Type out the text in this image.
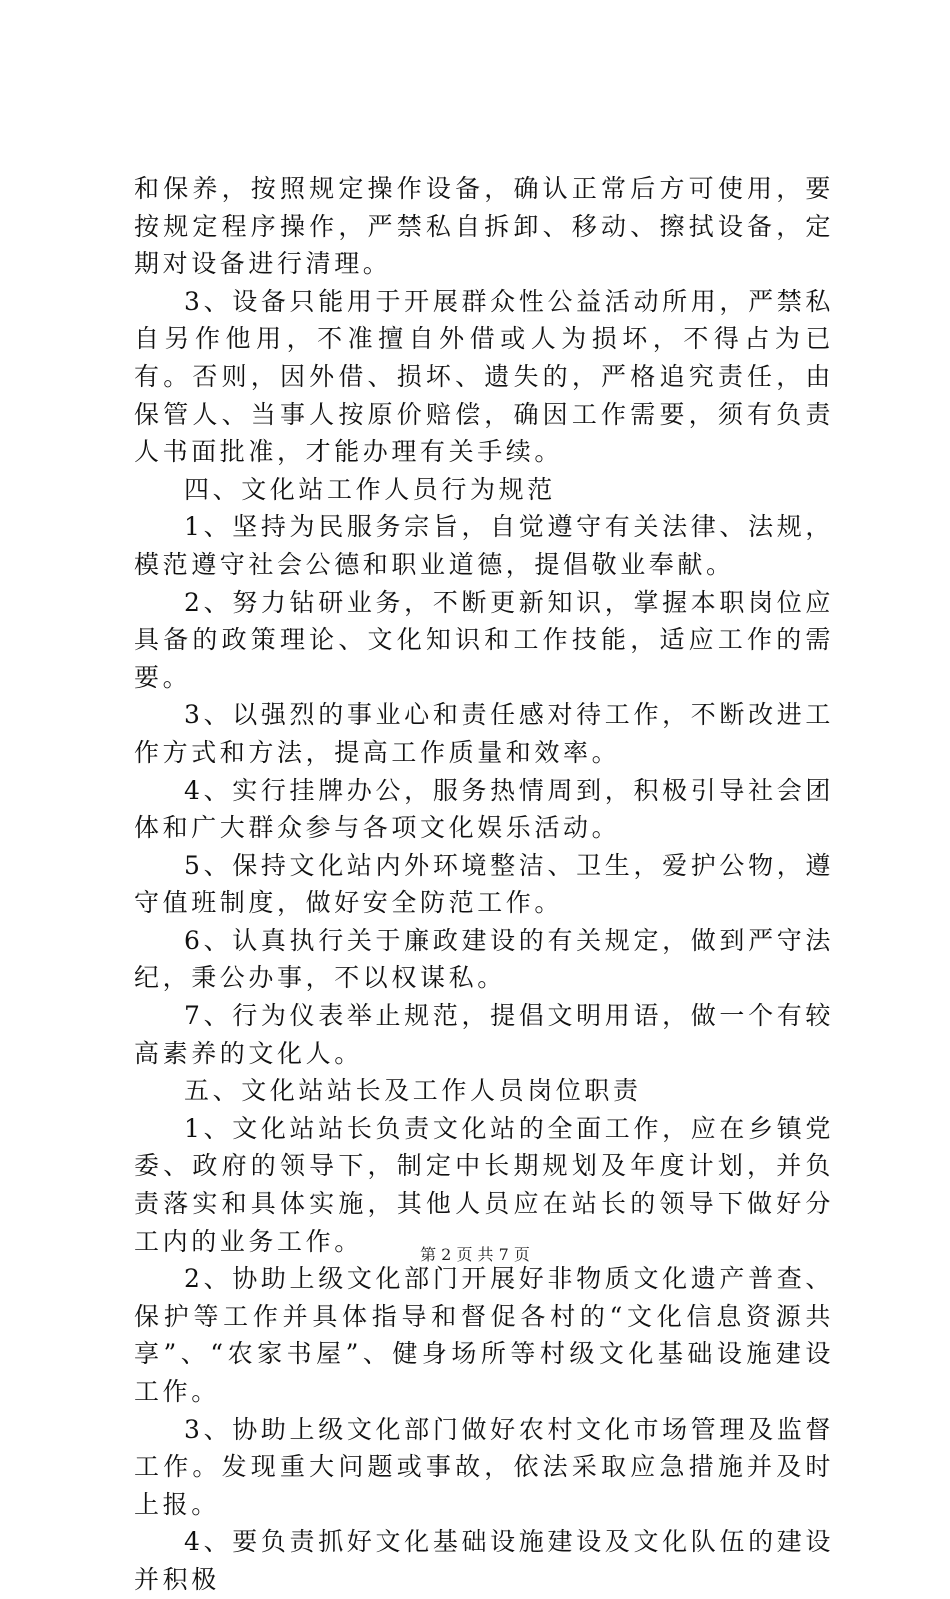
和保养，按照规定操作设备，确认正常后方可使用，要按规定程序操作，严禁私自拆卸、移动、擦拭设备，定期对设备进行清理。

3、设备只能用于开展群众性公益活动所用，严禁私自另作他用，不准擅自外借或人为损坏，不得占为已有。否则，因外借、损坏、遗失的，严格追究责任，由保管人、当事人按原价赔偿，确因工作需要，须有负责人书面批准，才能办理有关手续。

四、文化站工作人员行为规范

1、坚持为民服务宗旨，自觉遵守有关法律、法规，模范遵守社会公德和职业道德，提倡敬业奉献。

2、努力钻研业务，不断更新知识，掌握本职岗位应具备的政策理论、文化知识和工作技能，适应工作的需要。

3、以强烈的事业心和责任感对待工作，不断改进工作方式和方法，提高工作质量和效率。

4、实行挂牌办公，服务热情周到，积极引导社会团体和广大群众参与各项文化娱乐活动。

5、保持文化站内外环境整洁、卫生，爱护公物，遵守值班制度，做好安全防范工作。

6、认真执行关于廉政建设的有关规定，做到严守法纪，秉公办事，不以权谋私。

7、行为仪表举止规范，提倡文明用语，做一个有较高素养的文化人。

五、文化站站长及工作人员岗位职责

1、文化站站长负责文化站的全面工作，应在乡镇党委、政府的领导下，制定中长期规划及年度计划，并负责落实和具体实施，其他人员应在站长的领导下做好分工内的业务工作。

2、协助上级文化部门开展好非物质文化遗产普查、保护等工作并具体指导和督促各村的“文化信息资源共享”、“农家书屋”、健身场所等村级文化基础设施建设工作。

3、协助上级文化部门做好农村文化市场管理及监督工作。发现重大问题或事故，依法采取应急措施并及时上报。

4、要负责抓好文化基础设施建设及文化队伍的建设并积极

第 2 页 共 7 页
